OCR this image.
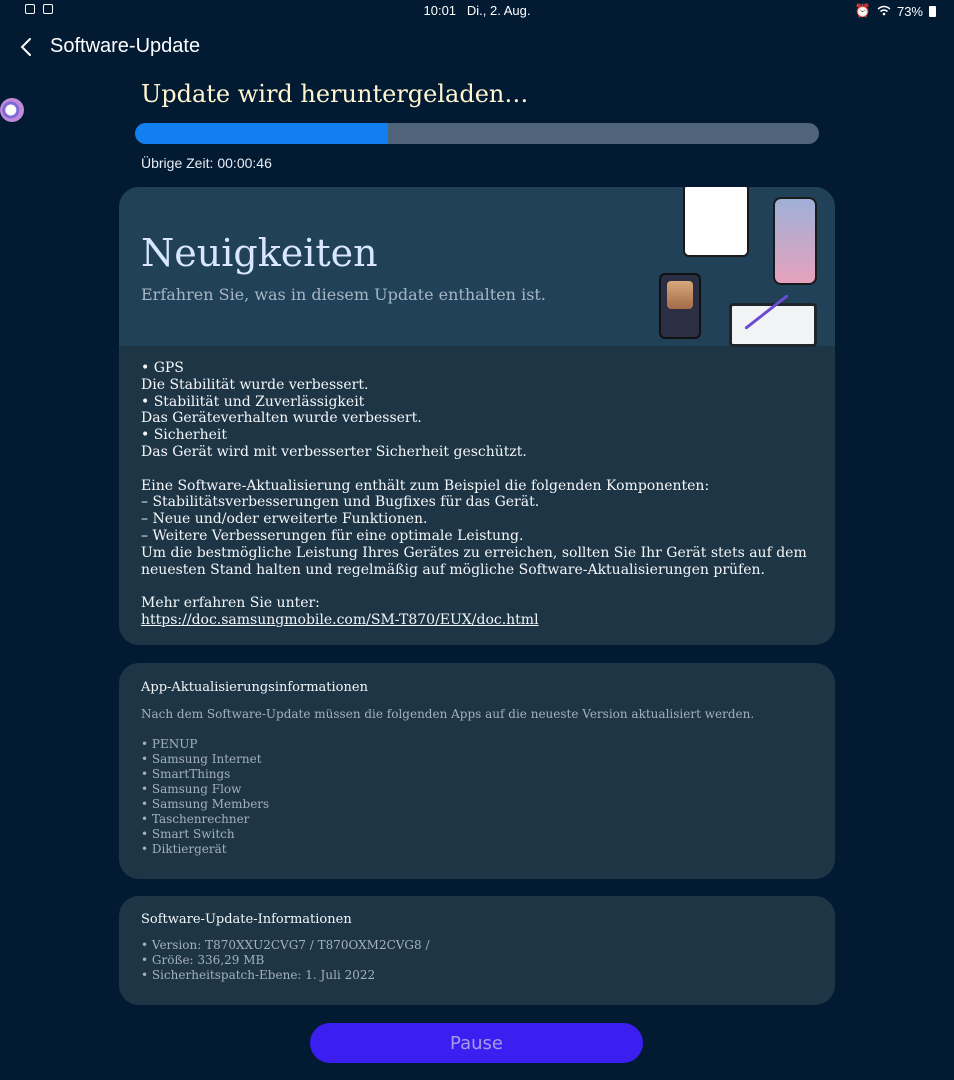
10:01 Di., 2. Aug.	⏰ 73%
Software-Update
Update wird heruntergeladen…
Übrige Zeit: 00:00:46
Neuigkeiten
Erfahren Sie, was in diesem Update enthalten ist.
• GPS
Die Stabilität wurde verbessert.
• Stabilität und Zuverlässigkeit
Das Geräteverhalten wurde verbessert.
• Sicherheit
Das Gerät wird mit verbesserter Sicherheit geschützt.

Eine Software-Aktualisierung enthält zum Beispiel die folgenden Komponenten:
– Stabilitätsverbesserungen und Bugfixes für das Gerät.
– Neue und/oder erweiterte Funktionen.
– Weitere Verbesserungen für eine optimale Leistung.
Um die bestmögliche Leistung Ihres Gerätes zu erreichen, sollten Sie Ihr Gerät stets auf dem
neuesten Stand halten und regelmäßig auf mögliche Software-Aktualisierungen prüfen.

Mehr erfahren Sie unter:
https://doc.samsungmobile.com/SM-T870/EUX/doc.html
App-Aktualisierungsinformationen
Nach dem Software-Update müssen die folgenden Apps auf die neueste Version aktualisiert werden.
• PENUP
• Samsung Internet
• SmartThings
• Samsung Flow
• Samsung Members
• Taschenrechner
• Smart Switch
• Diktiergerät
Software-Update-Informationen
• Version: T870XXU2CVG7 / T870OXM2CVG8 /
• Größe: 336,29 MB
• Sicherheitspatch-Ebene: 1. Juli 2022
Pause
